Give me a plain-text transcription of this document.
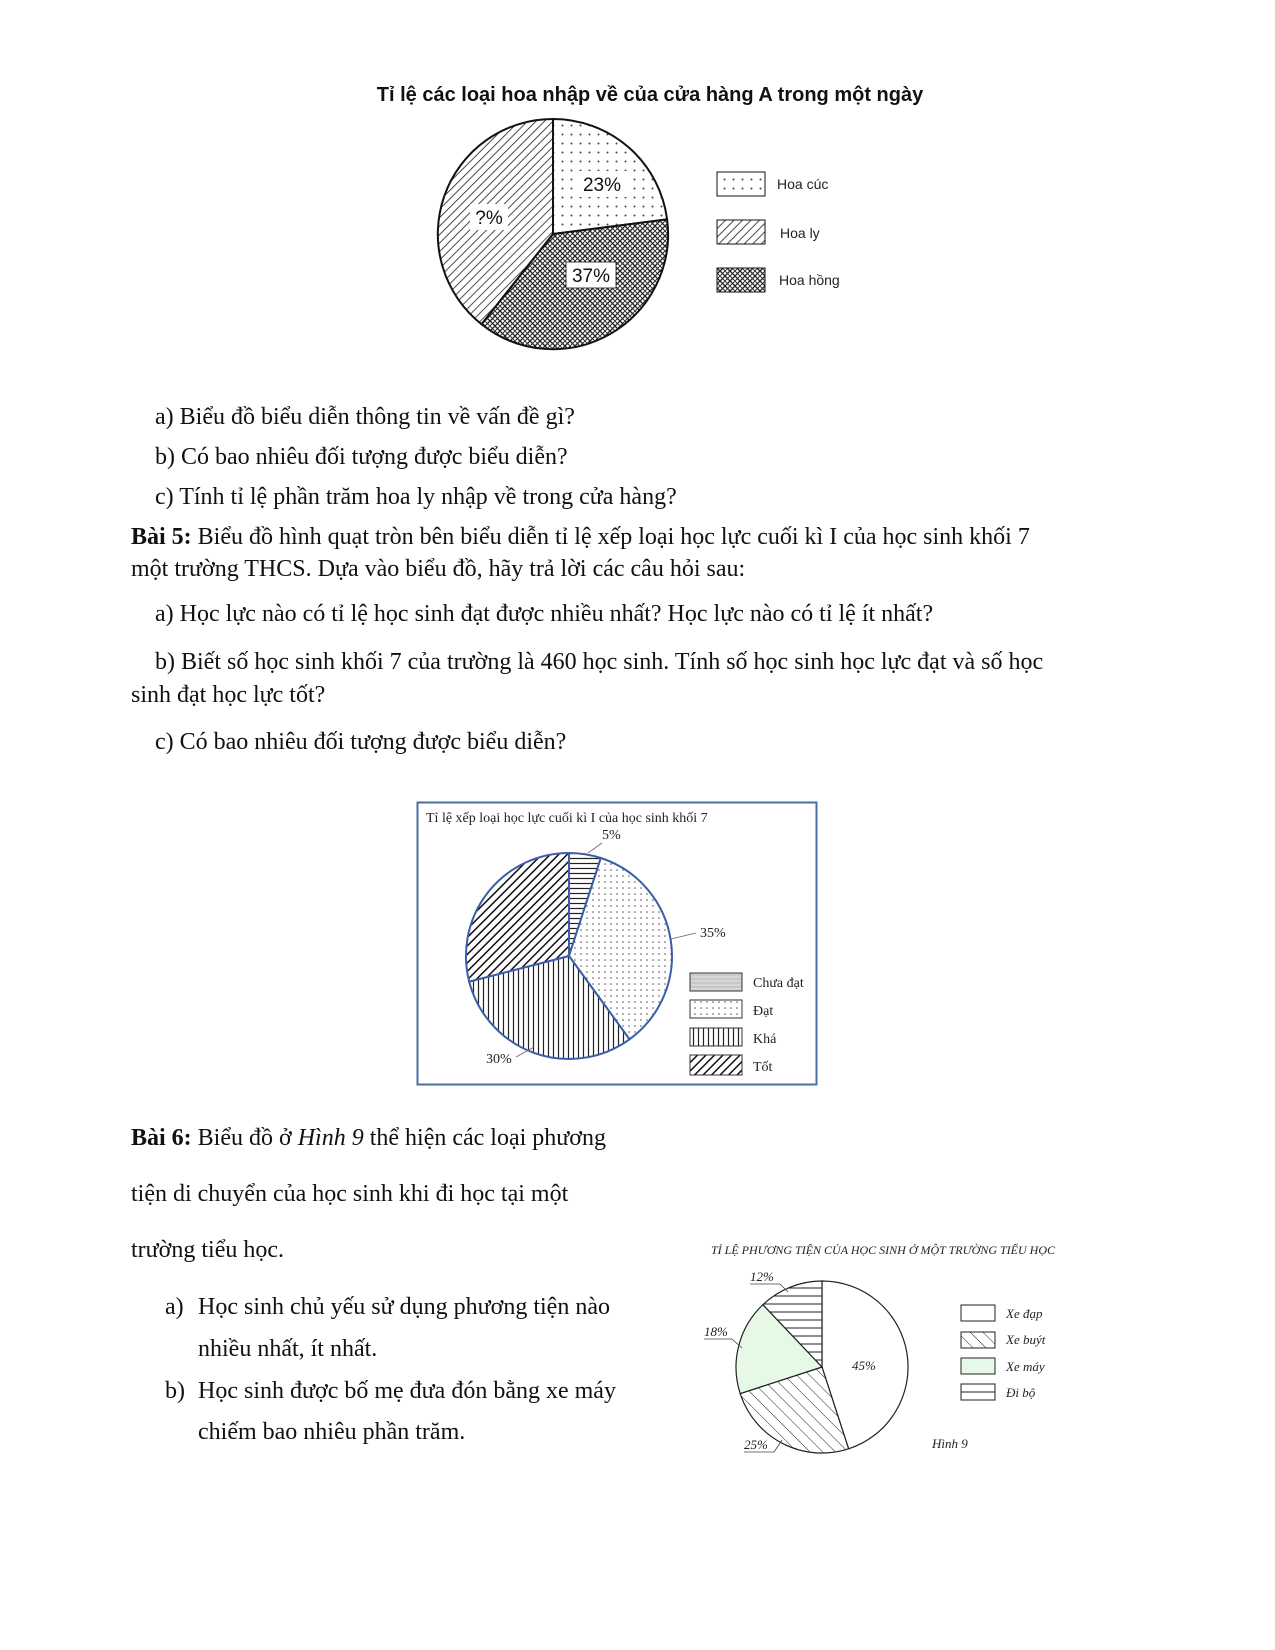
Tỉ lệ các loại hoa nhập về của cửa hàng A trong một ngày
23%
37%
?%
Hoa cúc
Hoa ly
Hoa hồng
a) Biểu đồ biểu diễn thông tin về vấn đề gì?
b) Có bao nhiêu đối tượng được biểu diễn?
c) Tính tỉ lệ phần trăm hoa ly nhập về trong cửa hàng?
Bài 5: Biểu đồ hình quạt tròn bên biểu diễn tỉ lệ xếp loại học lực cuối kì I của học sinh khối 7
một trường THCS. Dựa vào biểu đồ, hãy trả lời các câu hỏi sau:
a) Học lực nào có tỉ lệ học sinh đạt được nhiều nhất? Học lực nào có tỉ lệ ít nhất?
b) Biết số học sinh khối 7 của trường là 460 học sinh. Tính số học sinh học lực đạt và số học
sinh đạt học lực tốt?
c) Có bao nhiêu đối tượng được biểu diễn?
Tỉ lệ xếp loại học lực cuối kì I của học sinh khối 7
5%
35%
30%
Chưa đạt
Đạt
Khá
Tốt
Bài 6: Biểu đồ ở Hình 9 thể hiện các loại phương
tiện di chuyển của học sinh khi đi học tại một
trường tiểu học.
a) Học sinh chủ yếu sử dụng phương tiện nào
nhiều nhất, ít nhất.
b) Học sinh được bố mẹ đưa đón bằng xe máy
chiếm bao nhiêu phần trăm.
TỈ LỆ PHƯƠNG TIỆN CỦA HỌC SINH Ở MỘT TRƯỜNG TIỂU HỌC
45%
25%
18%
12%
Xe đạp
Xe buýt
Xe máy
Đi bộ
Hình 9
